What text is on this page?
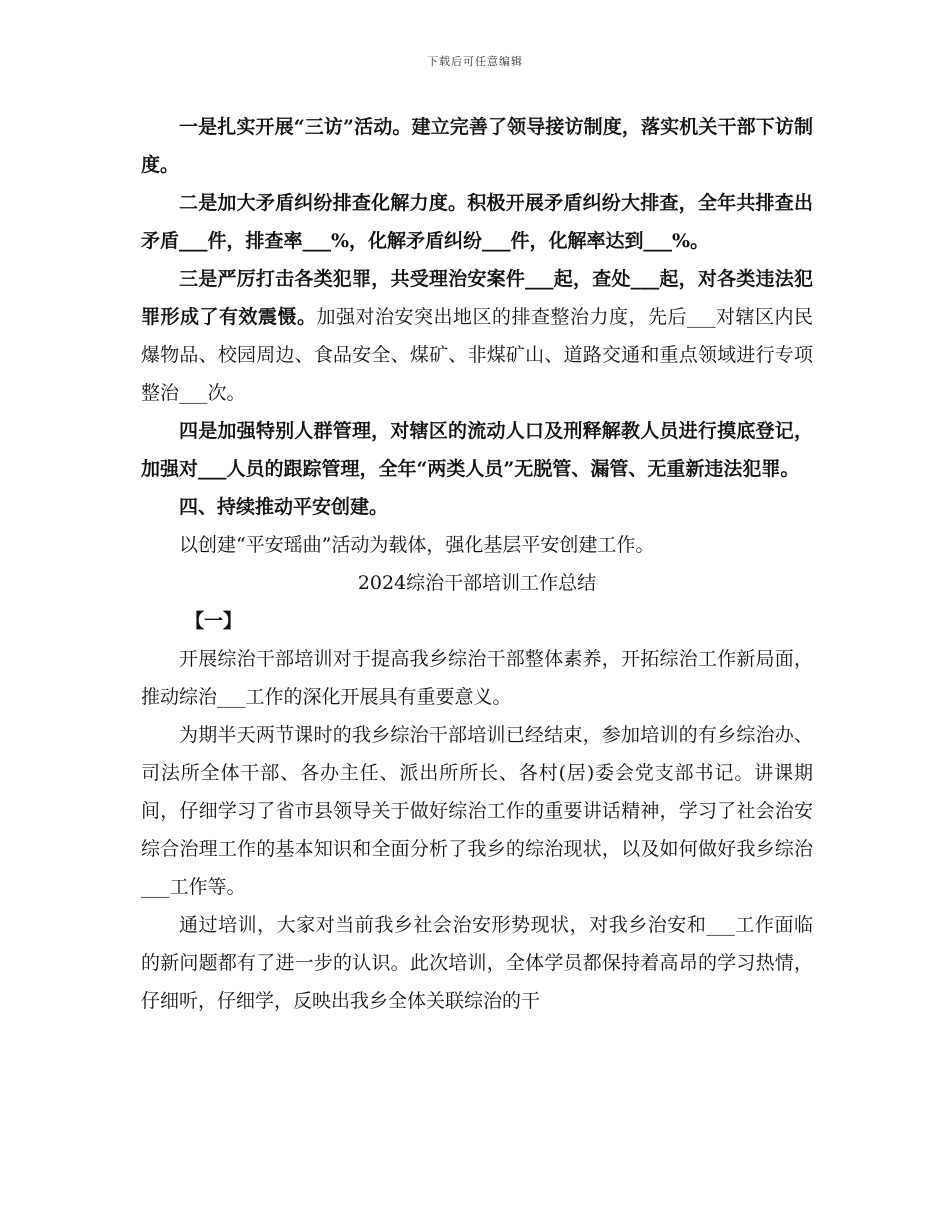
下载后可任意编辑

一是扎实开展“三访”活动。建立完善了领导接访制度，落实机关干部下访制度。

二是加大矛盾纠纷排查化解力度。积极开展矛盾纠纷大排查，全年共排查出矛盾___件，排查率___%，化解矛盾纠纷___件，化解率达到___%。

三是严厉打击各类犯罪，共受理治安案件___起，查处___起，对各类违法犯罪形成了有效震慑。加强对治安突出地区的排查整治力度，先后___对辖区内民爆物品、校园周边、食品安全、煤矿、非煤矿山、道路交通和重点领域进行专项整治___次。

四是加强特别人群管理，对辖区的流动人口及刑释解教人员进行摸底登记，加强对___人员的跟踪管理，全年“两类人员”无脱管、漏管、无重新违法犯罪。

四、持续推动平安创建。

以创建“平安瑶曲”活动为载体，强化基层平安创建工作。

2024综治干部培训工作总结

【一】

开展综治干部培训对于提高我乡综治干部整体素养，开拓综治工作新局面，推动综治___工作的深化开展具有重要意义。

为期半天两节课时的我乡综治干部培训已经结束，参加培训的有乡综治办、司法所全体干部、各办主任、派出所所长、各村(居)委会党支部书记。讲课期间，仔细学习了省市县领导关于做好综治工作的重要讲话精神，学习了社会治安综合治理工作的基本知识和全面分析了我乡的综治现状，以及如何做好我乡综治___工作等。

通过培训，大家对当前我乡社会治安形势现状，对我乡治安和___工作面临的新问题都有了进一步的认识。此次培训，全体学员都保持着高昂的学习热情，仔细听，仔细学，反映出我乡全体关联综治的干
